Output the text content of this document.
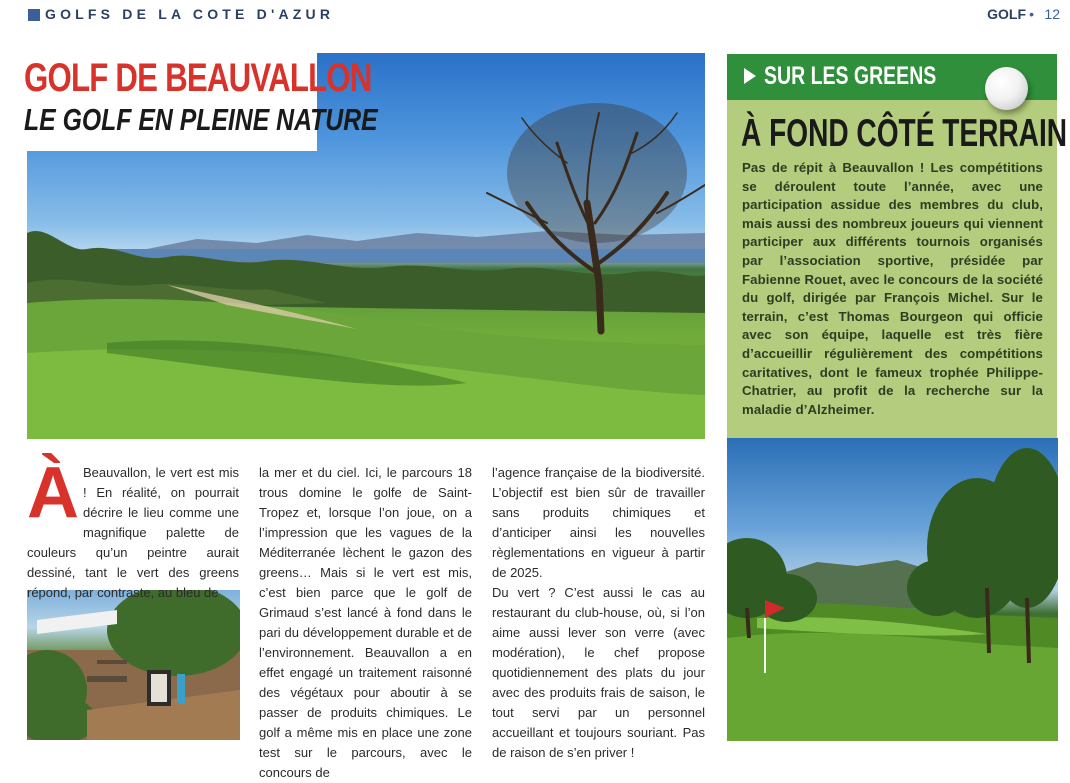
GOLFS DE LA COTE D'AZUR	GOLF • 12
GOLF DE BEAUVALLON
LE GOLF EN PLEINE NATURE
SUR LES GREENS
À FOND CÔTÉ TERRAIN
Pas de répit à Beauvallon ! Les compétitions se déroulent toute l’année, avec une participation assidue des membres du club, mais aussi des nombreux joueurs qui viennent participer aux différents tournois organisés par l’association sportive, présidée par Fabienne Rouet, avec le concours de la société du golf, dirigée par François Michel. Sur le terrain, c’est Thomas Bourgeon qui officie avec son équipe, laquelle est très fière d’accueillir régulièrement des compétitions caritatives, dont le fameux trophée Philippe-Chatrier, au profit de la recherche sur la maladie d’Alzheimer.
À Beauvallon, le vert est mis ! En réalité, on pourrait décrire le lieu comme une magnifique palette de couleurs qu’un peintre aurait dessiné, tant le vert des greens répond, par contraste, au bleu de

la mer et du ciel. Ici, le parcours 18 trous domine le golfe de Saint-Tropez et, lorsque l’on joue, on a l’impression que les vagues de la Méditerranée lèchent le gazon des greens… Mais si le vert est mis, c’est bien parce que le golf de Grimaud s’est lancé à fond dans le pari du développement durable et de l’environnement. Beauvallon a en effet engagé un traitement raisonné des végétaux pour aboutir à se passer de produits chimiques. Le golf a même mis en place une zone test sur le parcours, avec le concours de

l’agence française de la biodiversité. L’objectif est bien sûr de travailler sans produits chimiques et d’anticiper ainsi les nouvelles règlementations en vigueur à partir de 2025.

Du vert ? C’est aussi le cas au restaurant du club-house, où, si l’on aime aussi lever son verre (avec modération), le chef propose quotidiennement des plats du jour avec des produits frais de saison, le tout servi par un personnel accueillant et toujours souriant. Pas de raison de s’en priver !
